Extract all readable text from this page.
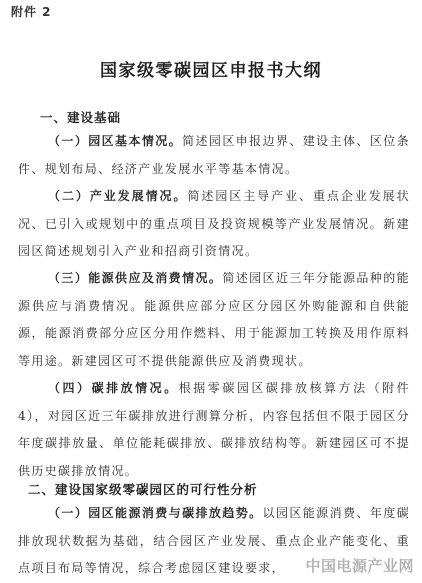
附件 2
国家级零碳园区申报书大纲
一、建设基础
（一）园区基本情况。简述园区申报边界、建设主体、区位条件、规划布局、经济产业发展水平等基本情况。
（二）产业发展情况。简述园区主导产业、重点企业发展状况、已引入或规划中的重点项目及投资规模等产业发展情况。新建园区简述规划引入产业和招商引资情况。
（三）能源供应及消费情况。简述园区近三年分能源品种的能源供应与消费情况。能源供应部分应区分园区外购能源和自供能源，能源消费部分应区分用作燃料、用于能源加工转换及用作原料等用途。新建园区可不提供能源供应及消费现状。
（四）碳排放情况。根据零碳园区碳排放核算方法（附件 4），对园区近三年碳排放进行测算分析，内容包括但不限于园区分年度碳排放量、单位能耗碳排放、碳排放结构等。新建园区可不提供历史碳排放情况。
二、建设国家级零碳园区的可行性分析
（一）园区能源消费与碳排放趋势。以园区能源消费、年度碳排放现状数据为基础，结合园区产业发展、重点企业产能变化、重点项目布局等情况，综合考虑园区建设要求，	中国电源产业网
